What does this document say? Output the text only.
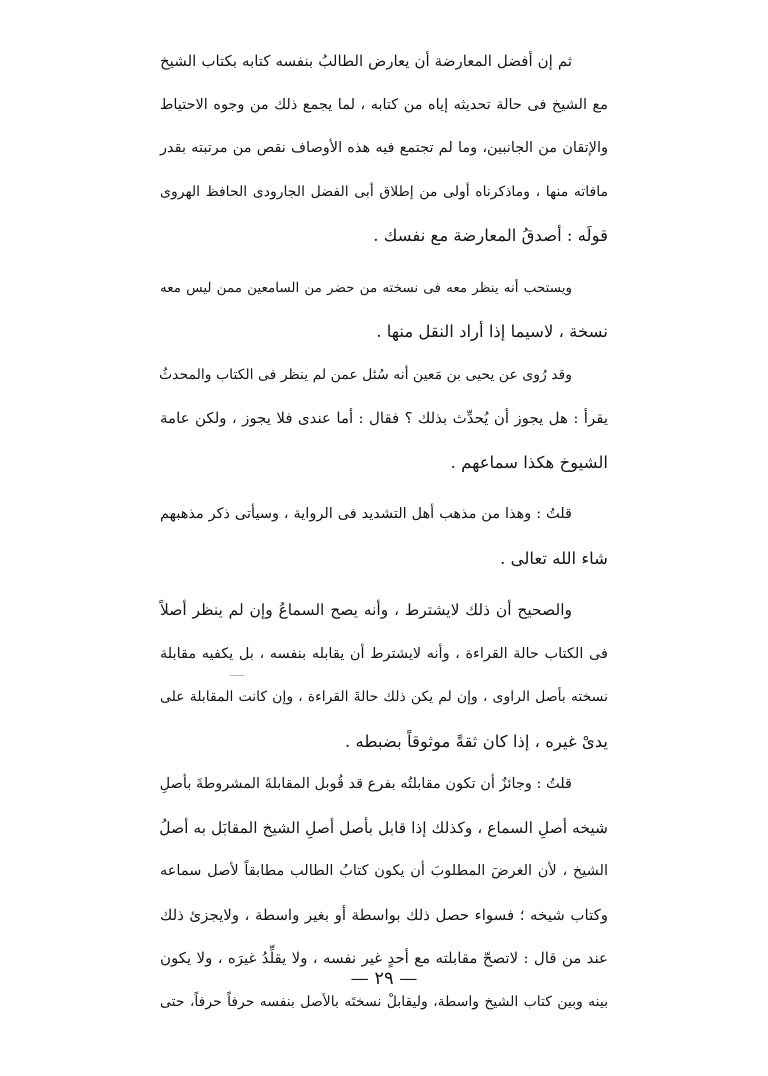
ثم إن أفضل المعارضة أن يعارض الطالبُ بنفسه كتابه بكتاب الشيخ
مع الشيخ فى حالة تحديثه إياه من كتابه ، لما يجمع ذلك من وجوه الاحتياط
والإتقان من الجانبين، وما لم تجتمع فيه هذه الأوصاف نقص من مرتبته بقدر
مافاته منها ، وماذكرناه أولى من إطلاق أبى الفضل الجارودى الحافظ الهروى
قولَه : أصدقُ المعارضة مع نفسك .
ويستحب أنه ينظر معه فى نسخته من حضر من السامعين ممن ليس معه
نسخة ، لاسيما إذا أراد النقل منها .
وقد رُوى عن يحيى بن مَعين أنه سُئل عمن لم ينظر فى الكتاب والمحدثُ
يقرأ : هل يجوز أن يُحدِّث بذلك ؟ فقال : أما عندى فلا يجوز ، ولكن عامة
الشيوخ هكذا سماعهم .
قلتُ : وهذا من مذهب أهل التشديد فى الرواية ، وسيأتى ذكر مذهبهم
شاء الله تعالى .
والصحيح أن ذلك لايشترط ، وأنه يصح السماعُ وإن لم ينظر أصلاً
فى الكتاب حالة القراءة ، وأنه لايشترط أن يقابله بنفسه ، بل يكفيه مقابلة
نسخته بأصل الراوى ، وإن لم يكن ذلك حالةَ القراءة ، وإن كانت المقابلة على
يدىْ غيره ، إذا كان ثقةً موثوقاً بضبطه .
قلتُ : وجائزٌ أن تكون مقابلتُه بفرع قد قُوبل المقابلةَ المشروطةَ بأصلِ
شيخه أصلِ السماع ، وكذلك إذا قابل بأصل أصلِ الشيخ المقابَل به أصلُ
الشيخ ، لأن الغرضَ المطلوبَ أن يكون كتابُ الطالب مطابقاً لأصل سماعه
وكتاب شيخه ؛ فسواء حصل ذلك بواسطة أو بغير واسطة ، ولايجزئ ذلك
عند من قال : لاتصحّ مقابلته مع أحدٍ غير نفسه ، ولا يقلِّدُ غيرَه ، ولا يكون
بينه وبين كتاب الشيخ واسطة، وليقابلْ نسختَه بالأصل بنفسه حرفاً حرفاً، حتى
— ٢٩ —
